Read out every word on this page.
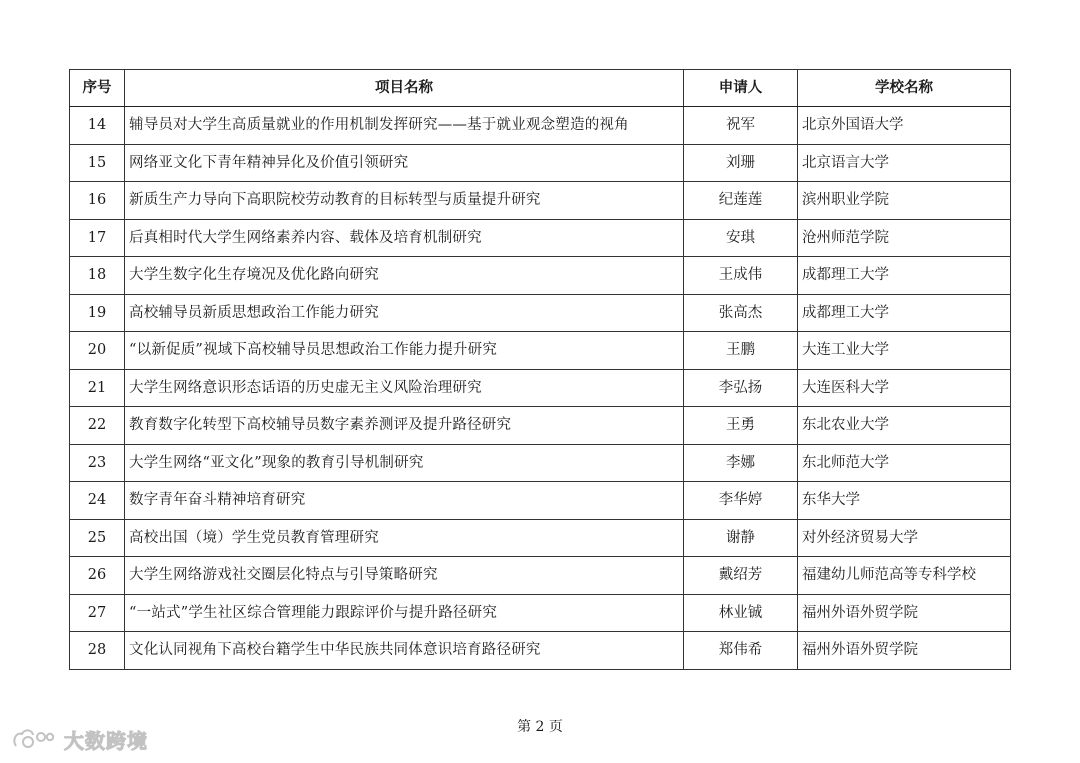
序号	项目名称	申请人	学校名称
14	辅导员对大学生高质量就业的作用机制发挥研究——基于就业观念塑造的视角	祝军	北京外国语大学
15	网络亚文化下青年精神异化及价值引领研究	刘珊	北京语言大学
16	新质生产力导向下高职院校劳动教育的目标转型与质量提升研究	纪莲莲	滨州职业学院
17	后真相时代大学生网络素养内容、载体及培育机制研究	安琪	沧州师范学院
18	大学生数字化生存境况及优化路向研究	王成伟	成都理工大学
19	高校辅导员新质思想政治工作能力研究	张高杰	成都理工大学
20	“以新促质”视域下高校辅导员思想政治工作能力提升研究	王鹏	大连工业大学
21	大学生网络意识形态话语的历史虚无主义风险治理研究	李弘扬	大连医科大学
22	教育数字化转型下高校辅导员数字素养测评及提升路径研究	王勇	东北农业大学
23	大学生网络“亚文化”现象的教育引导机制研究	李娜	东北师范大学
24	数字青年奋斗精神培育研究	李华婷	东华大学
25	高校出国（境）学生党员教育管理研究	谢静	对外经济贸易大学
26	大学生网络游戏社交圈层化特点与引导策略研究	戴绍芳	福建幼儿师范高等专科学校
27	“一站式”学生社区综合管理能力跟踪评价与提升路径研究	林业铖	福州外语外贸学院
28	文化认同视角下高校台籍学生中华民族共同体意识培育路径研究	郑伟希	福州外语外贸学院
第 2 页
大数跨境
